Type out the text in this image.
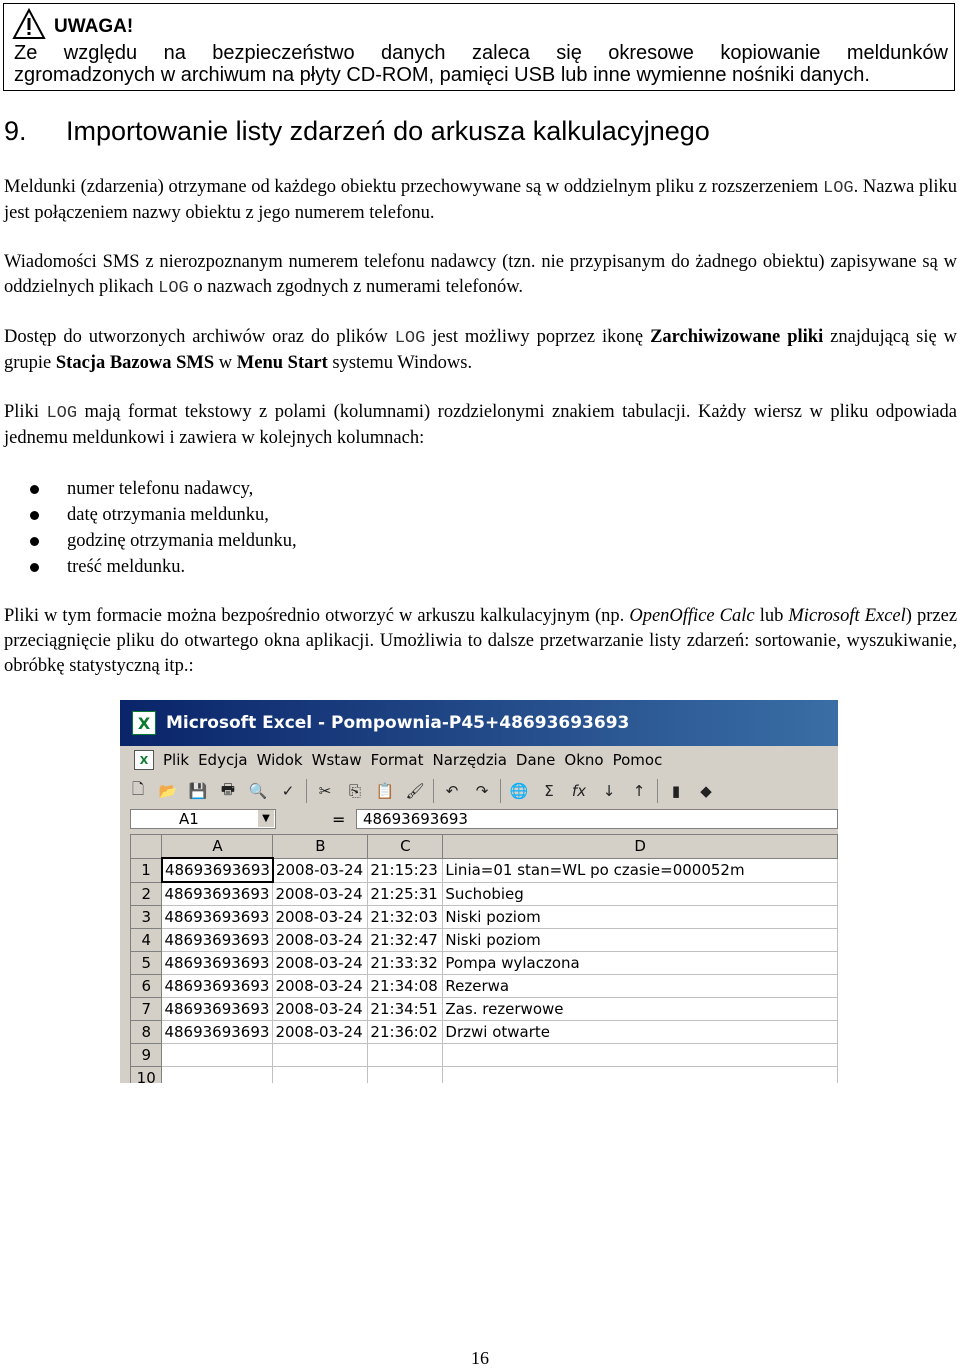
UWAGA!
Ze względu na bezpieczeństwo danych zaleca się okresowe kopiowanie meldunków
zgromadzonych w archiwum na płyty CD-ROM, pamięci USB lub inne wymienne nośniki danych.
9. Importowanie listy zdarzeń do arkusza kalkulacyjnego
Meldunki (zdarzenia) otrzymane od każdego obiektu przechowywane są w oddzielnym pliku z rozszerzeniem LOG. Nazwa pliku jest połączeniem nazwy obiektu z jego numerem telefonu.
Wiadomości SMS z nierozpoznanym numerem telefonu nadawcy (tzn. nie przypisanym do żadnego obiektu) zapisywane są w oddzielnych plikach LOG o nazwach zgodnych z numerami telefonów.
Dostęp do utworzonych archiwów oraz do plików LOG jest możliwy poprzez ikonę Zarchiwizowane pliki znajdującą się w grupie Stacja Bazowa SMS w Menu Start systemu Windows.
Pliki LOG mają format tekstowy z polami (kolumnami) rozdzielonymi znakiem tabulacji. Każdy wiersz w pliku odpowiada jednemu meldunkowi i zawiera w kolejnych kolumnach:
numer telefonu nadawcy,
datę otrzymania meldunku,
godzinę otrzymania meldunku,
treść meldunku.
Pliki w tym formacie można bezpośrednio otworzyć w arkuszu kalkulacyjnym (np. OpenOffice Calc lub Microsoft Excel) przez przeciągnięcie pliku do otwartego okna aplikacji. Umożliwia to dalsze przetwarzanie listy zdarzeń: sortowanie, wyszukiwanie, obróbkę statystyczną itp.:
X Microsoft Excel - Pompownia-P45+48693693693
X Plik Edycja Widok Wstaw Format Narzędzia Dane Okno Pomoc
🗋 📂 💾 🖶 🔍 ✓	✂	⎘ 📋 🖌	↶	↷	🌐	Σ	fx	↓	↑	▮	◆
A1	▼	=	48693693693
	A	B	C	D
1	48693693693	2008-03-24	21:15:23	Linia=01 stan=WL po czasie=000052m
2	48693693693	2008-03-24	21:25:31	Suchobieg
3	48693693693	2008-03-24	21:32:03	Niski poziom
4	48693693693	2008-03-24	21:32:47	Niski poziom
5	48693693693	2008-03-24	21:33:32	Pompa wylaczona
6	48693693693	2008-03-24	21:34:08	Rezerwa
7	48693693693	2008-03-24	21:34:51	Zas. rezerwowe
8	48693693693	2008-03-24	21:36:02	Drzwi otwarte
9				
10				
16
